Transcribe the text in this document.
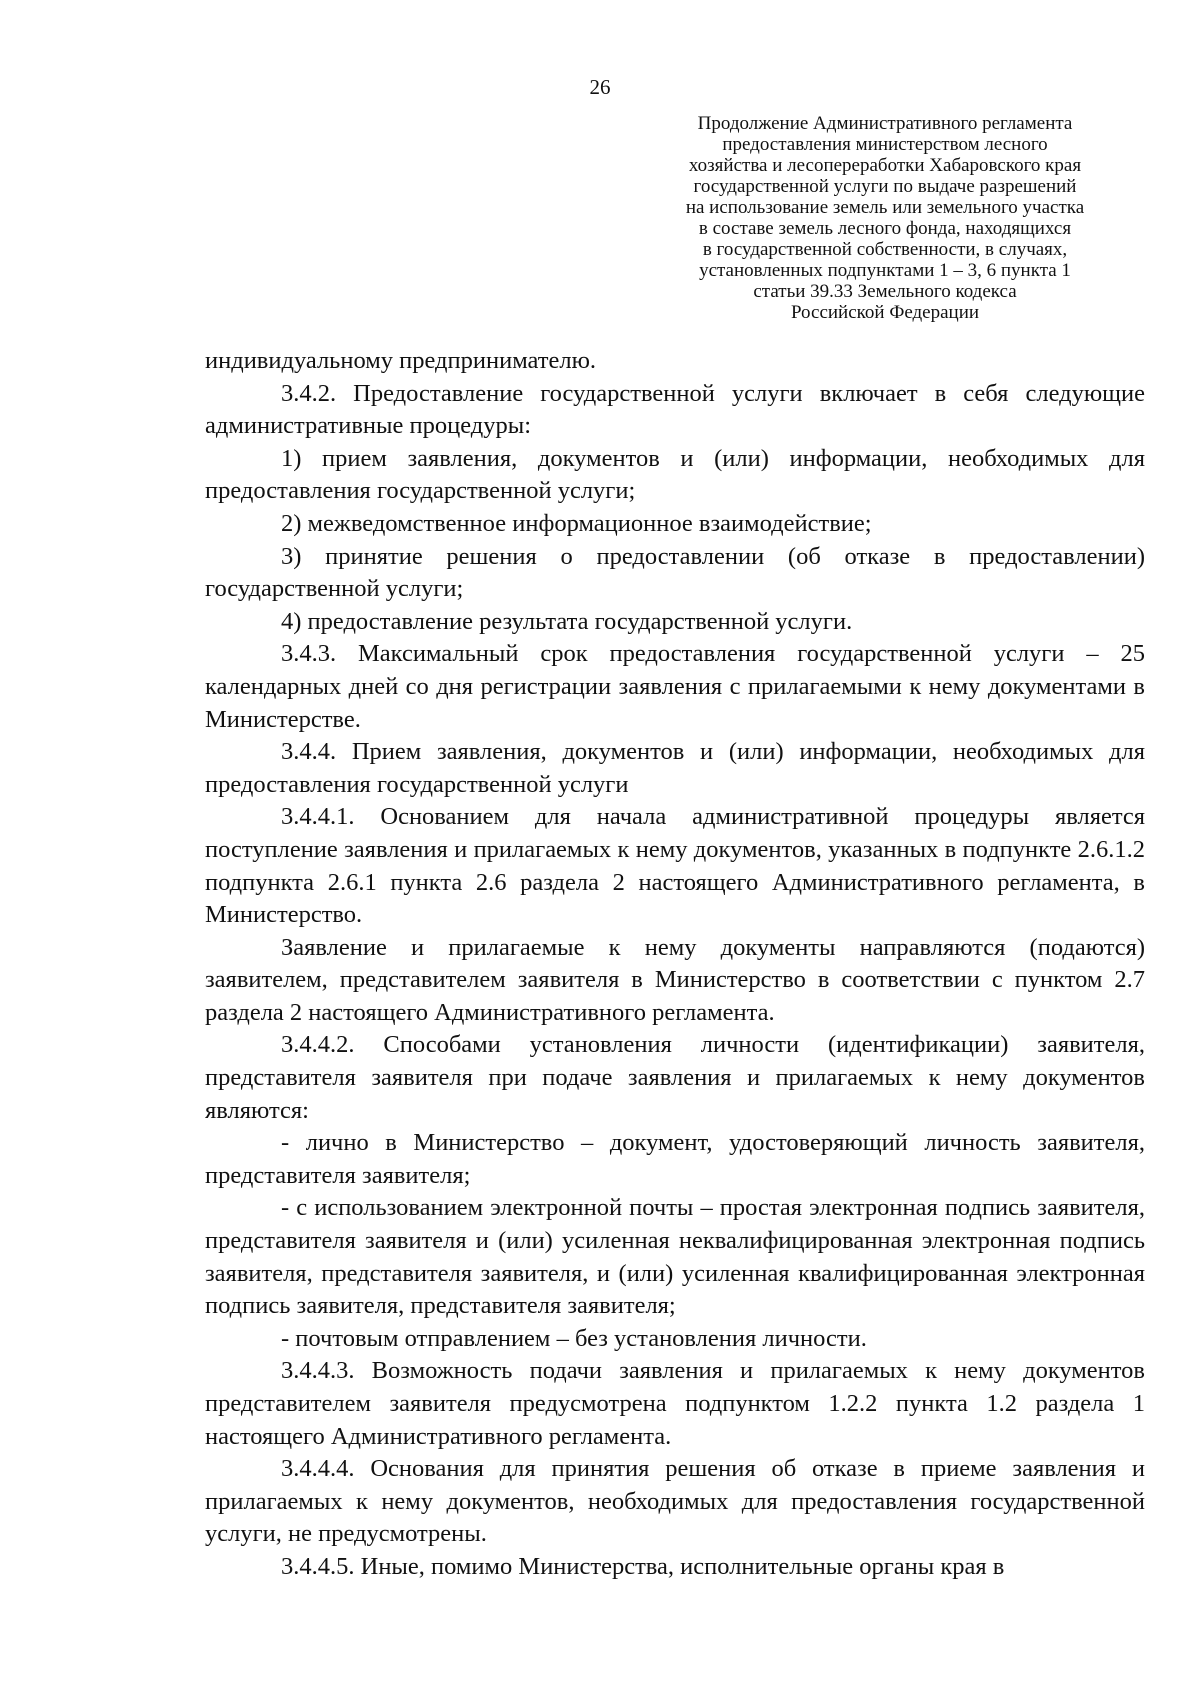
26
Продолжение Административного регламента
предоставления министерством лесного
хозяйства и лесопереработки Хабаровского края
государственной услуги по выдаче разрешений
на использование земель или земельного участка
в составе земель лесного фонда, находящихся
в государственной собственности, в случаях,
установленных подпунктами 1 – 3, 6 пункта 1
статьи 39.33 Земельного кодекса
Российской Федерации

индивидуальному предпринимателю.

3.4.2. Предоставление государственной услуги включает в себя следующие административные процедуры:

1) прием заявления, документов и (или) информации, необходимых для предоставления государственной услуги;

2) межведомственное информационное взаимодействие;

3) принятие решения о предоставлении (об отказе в предоставлении) государственной услуги;

4) предоставление результата государственной услуги.

3.4.3. Максимальный срок предоставления государственной услуги – 25 календарных дней со дня регистрации заявления с прилагаемыми к нему документами в Министерстве.

3.4.4. Прием заявления, документов и (или) информации, необходимых для предоставления государственной услуги

3.4.4.1. Основанием для начала административной процедуры является поступление заявления и прилагаемых к нему документов, указанных в подпункте 2.6.1.2 подпункта 2.6.1 пункта 2.6 раздела 2 настоящего Административного регламента, в Министерство.

Заявление и прилагаемые к нему документы направляются (подаются) заявителем, представителем заявителя в Министерство в соответствии с пунктом 2.7 раздела 2 настоящего Административного регламента.

3.4.4.2. Способами установления личности (идентификации) заявителя, представителя заявителя при подаче заявления и прилагаемых к нему документов являются:

- лично в Министерство – документ, удостоверяющий личность заявителя, представителя заявителя;

- с использованием электронной почты – простая электронная подпись заявителя, представителя заявителя и (или) усиленная неквалифицированная электронная подпись заявителя, представителя заявителя, и (или) усиленная квалифицированная электронная подпись заявителя, представителя заявителя;

- почтовым отправлением – без установления личности.

3.4.4.3. Возможность подачи заявления и прилагаемых к нему документов представителем заявителя предусмотрена подпунктом 1.2.2 пункта 1.2 раздела 1 настоящего Административного регламента.

3.4.4.4. Основания для принятия решения об отказе в приеме заявления и прилагаемых к нему документов, необходимых для предоставления государственной услуги, не предусмотрены.

3.4.4.5. Иные, помимо Министерства, исполнительные органы края в
